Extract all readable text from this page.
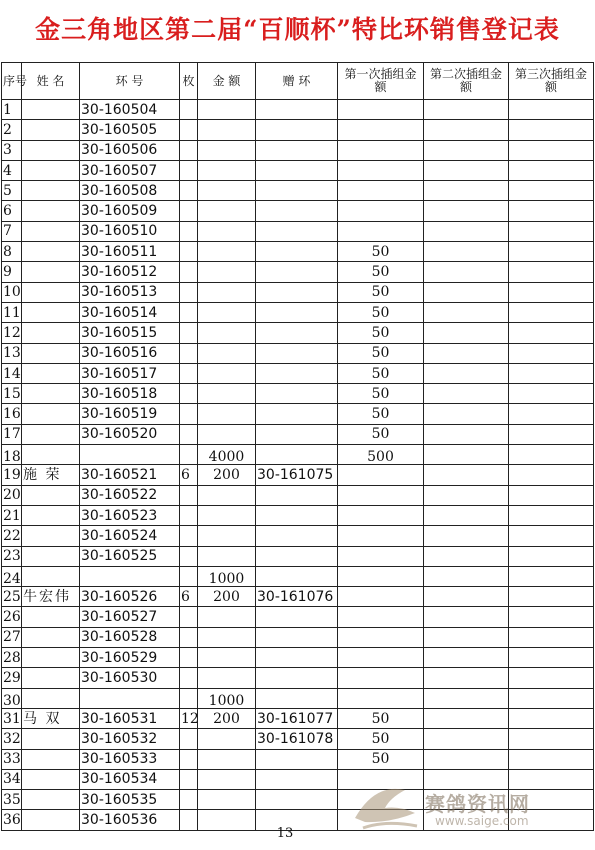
金三角地区第二届“百顺杯”特比环销售登记表
序号	姓 名	环 号	枚	金 额	赠 环	第一次插组金额	第二次插组金额	第三次插组金额
1		30-160504						
2		30-160505						
3		30-160506						
4		30-160507						
5		30-160508						
6		30-160509						
7		30-160510						
8		30-160511				50		
9		30-160512				50		
10		30-160513				50		
11		30-160514				50		
12		30-160515				50		
13		30-160516				50		
14		30-160517				50		
15		30-160518				50		
16		30-160519				50		
17		30-160520				50		
18				4000		500		
19	施 荣	30-160521	6	200	30-161075			
20		30-160522						
21		30-160523						
22		30-160524						
23		30-160525						
24				1000				
25	牛宏伟	30-160526	6	200	30-161076			
26		30-160527						
27		30-160528						
28		30-160529						
29		30-160530						
30				1000				
31	马 双	30-160531	12	200	30-161077	50		
32		30-160532			30-161078	50		
33		30-160533				50		
34		30-160534						
35		30-160535						
36		30-160536						
13
赛鸽资讯网
www.saige.com
